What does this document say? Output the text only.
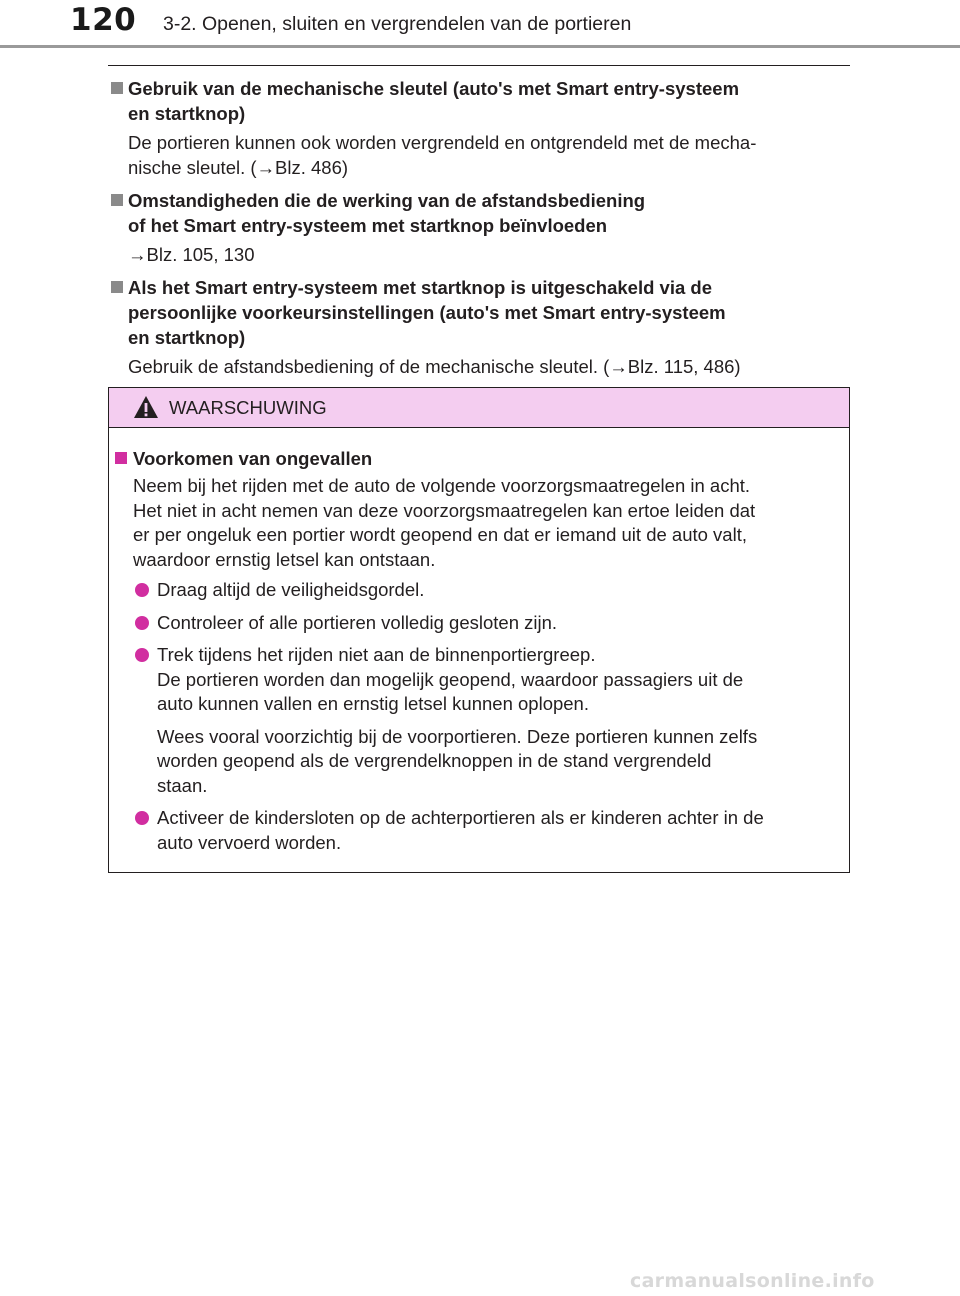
120 3-2. Openen, sluiten en vergrendelen van de portieren
Gebruik van de mechanische sleutel (auto's met Smart entry-systeem
en startknop)
De portieren kunnen ook worden vergrendeld en ontgrendeld met de mecha-
nische sleutel. (→Blz. 486)
Omstandigheden die de werking van de afstandsbediening
of het Smart entry-systeem met startknop beïnvloeden
→Blz. 105, 130
Als het Smart entry-systeem met startknop is uitgeschakeld via de
persoonlijke voorkeursinstellingen (auto's met Smart entry-systeem
en startknop)
Gebruik de afstandsbediening of de mechanische sleutel. (→Blz. 115, 486)
WAARSCHUWING
Voorkomen van ongevallen
Neem bij het rijden met de auto de volgende voorzorgsmaatregelen in acht.
Het niet in acht nemen van deze voorzorgsmaatregelen kan ertoe leiden dat
er per ongeluk een portier wordt geopend en dat er iemand uit de auto valt,
waardoor ernstig letsel kan ontstaan.
Draag altijd de veiligheidsgordel.
Controleer of alle portieren volledig gesloten zijn.
Trek tijdens het rijden niet aan de binnenportiergreep.
De portieren worden dan mogelijk geopend, waardoor passagiers uit de
auto kunnen vallen en ernstig letsel kunnen oplopen.
Wees vooral voorzichtig bij de voorportieren. Deze portieren kunnen zelfs
worden geopend als de vergrendelknoppen in de stand vergrendeld
staan.
Activeer de kindersloten op de achterportieren als er kinderen achter in de
auto vervoerd worden.
carmanualsonline.info
